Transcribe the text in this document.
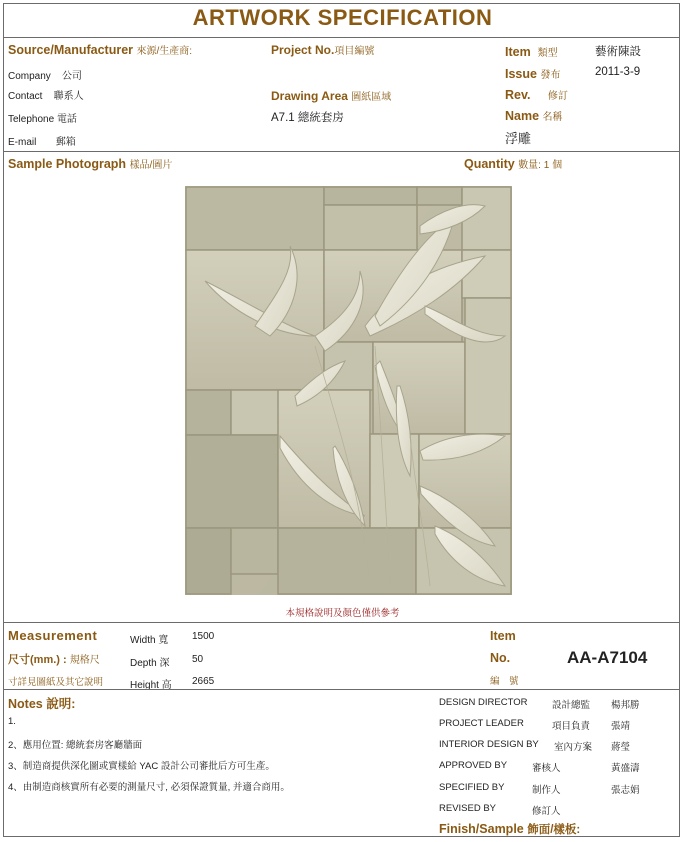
ARTWORK SPECIFICATION
Source/Manufacturer 來源/生產商:
Company 公司
Contact 聯系人
Telephone 電話
E-mail 郵箱
Project No.項目編號
Drawing Area 圖紙區域
A7.1 總統套房
Item 類型	藝術陳設
Issue 發布	2011-3-9
Rev. 修訂
Name 名稱
浮雕
Sample Photograph 樣品/圖片	Quantity 數量: 1 個
本規格說明及顏色僅供參考
Measurement
尺寸(mm.) : 規格尺
寸詳見圖紙及其它說明
Width 寬 1500
Depth 深 50
Height 高 2665
Item
No.
編　號
AA-A7104
Notes 說明:
1.
2、應用位置: 總統套房客廳牆面
3、制造商提供深化圖或實樣給 YAC 設計公司審批后方可生產。
4、由制造商核實所有必要的測量尺寸, 必須保證質量, 并適合商用。
DESIGN DIRECTOR	設計總監 楊邦勝
PROJECT LEADER	項目負責 張靖
INTERIOR DESIGN BY 室內方案 蔣瑩
APPROVED BY	審核人	黃盛濤
SPECIFIED BY	制作人	張志娟
REVISED BY	修訂人
Finish/Sample 飾面/樣板:
